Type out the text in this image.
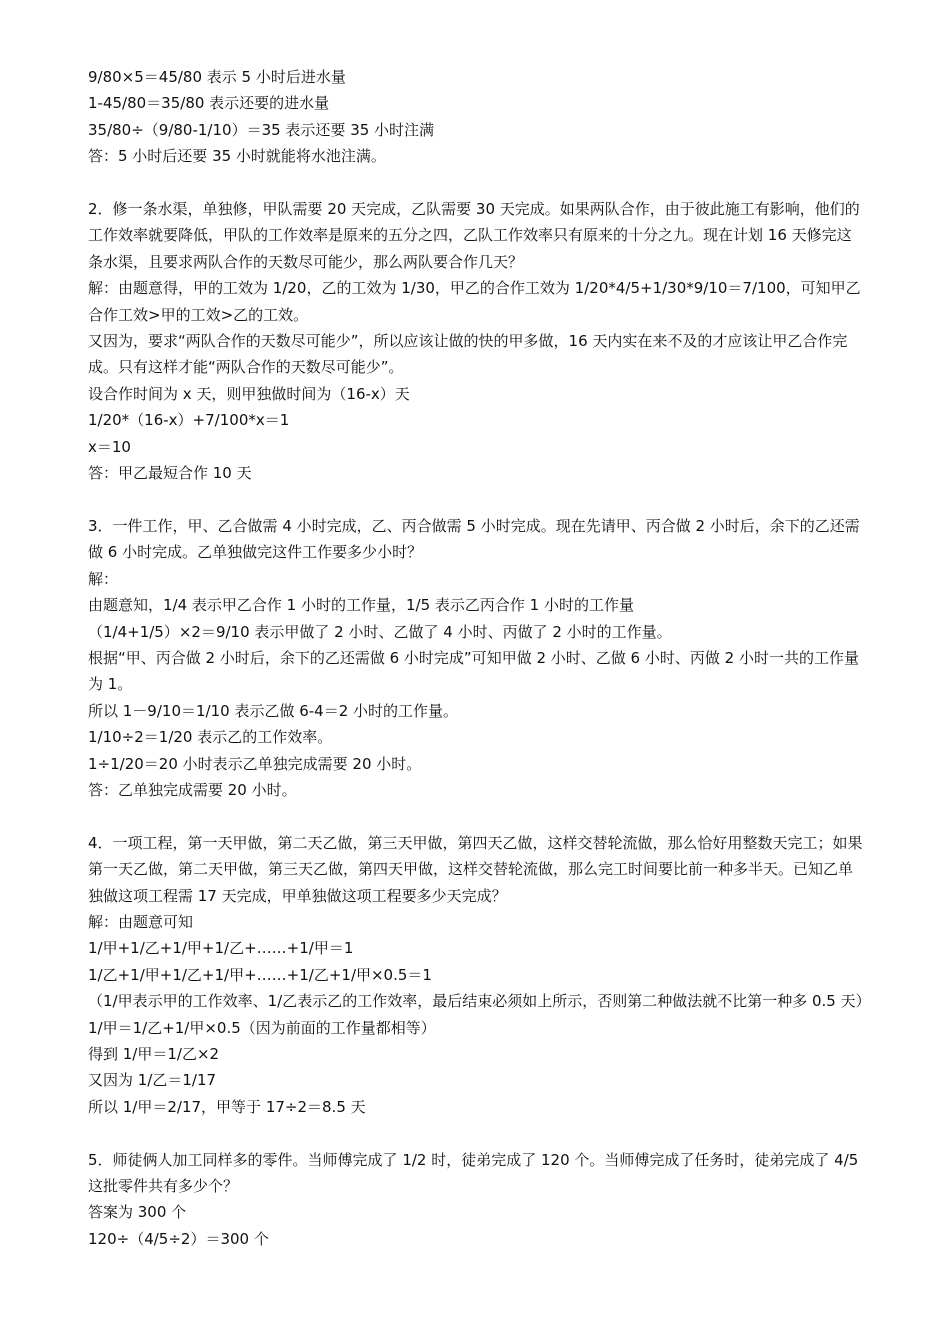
9/80×5＝45/80 表示 5 小时后进水量

1-45/80＝35/80 表示还要的进水量

35/80÷（9/80-1/10）＝35 表示还要 35 小时注满

答：5 小时后还要 35 小时就能将水池注满。

2．修一条水渠，单独修，甲队需要 20 天完成，乙队需要 30 天完成。如果两队合作，由于彼此施工有影响，他们的工作效率就要降低，甲队的工作效率是原来的五分之四，乙队工作效率只有原来的十分之九。现在计划 16 天修完这条水渠，且要求两队合作的天数尽可能少，那么两队要合作几天？

解：由题意得，甲的工效为 1/20，乙的工效为 1/30，甲乙的合作工效为 1/20*4/5+1/30*9/10＝7/100，可知甲乙合作工效>甲的工效>乙的工效。

又因为，要求“两队合作的天数尽可能少”，所以应该让做的快的甲多做，16 天内实在来不及的才应该让甲乙合作完成。只有这样才能“两队合作的天数尽可能少”。

设合作时间为 x 天，则甲独做时间为（16-x）天

1/20*（16-x）+7/100*x＝1

x＝10

答：甲乙最短合作 10 天

3．一件工作，甲、乙合做需 4 小时完成，乙、丙合做需 5 小时完成。现在先请甲、丙合做 2 小时后，余下的乙还需做 6 小时完成。乙单独做完这件工作要多少小时？

解：

由题意知，1/4 表示甲乙合作 1 小时的工作量，1/5 表示乙丙合作 1 小时的工作量

（1/4+1/5）×2＝9/10 表示甲做了 2 小时、乙做了 4 小时、丙做了 2 小时的工作量。

根据“甲、丙合做 2 小时后，余下的乙还需做 6 小时完成”可知甲做 2 小时、乙做 6 小时、丙做 2 小时一共的工作量为 1。

所以 1－9/10＝1/10 表示乙做 6-4＝2 小时的工作量。

1/10÷2＝1/20 表示乙的工作效率。

1÷1/20＝20 小时表示乙单独完成需要 20 小时。

答：乙单独完成需要 20 小时。

4．一项工程，第一天甲做，第二天乙做，第三天甲做，第四天乙做，这样交替轮流做，那么恰好用整数天完工；如果第一天乙做，第二天甲做，第三天乙做，第四天甲做，这样交替轮流做，那么完工时间要比前一种多半天。已知乙单独做这项工程需 17 天完成，甲单独做这项工程要多少天完成？

解：由题意可知

1/甲+1/乙+1/甲+1/乙+……+1/甲＝1

1/乙+1/甲+1/乙+1/甲+……+1/乙+1/甲×0.5＝1

（1/甲表示甲的工作效率、1/乙表示乙的工作效率，最后结束必须如上所示，否则第二种做法就不比第一种多 0.5 天）

1/甲＝1/乙+1/甲×0.5（因为前面的工作量都相等）

得到 1/甲＝1/乙×2

又因为 1/乙＝1/17

所以 1/甲＝2/17，甲等于 17÷2＝8.5 天

5．师徒俩人加工同样多的零件。当师傅完成了 1/2 时，徒弟完成了 120 个。当师傅完成了任务时，徒弟完成了 4/5 这批零件共有多少个？

答案为 300 个

120÷（4/5÷2）＝300 个
